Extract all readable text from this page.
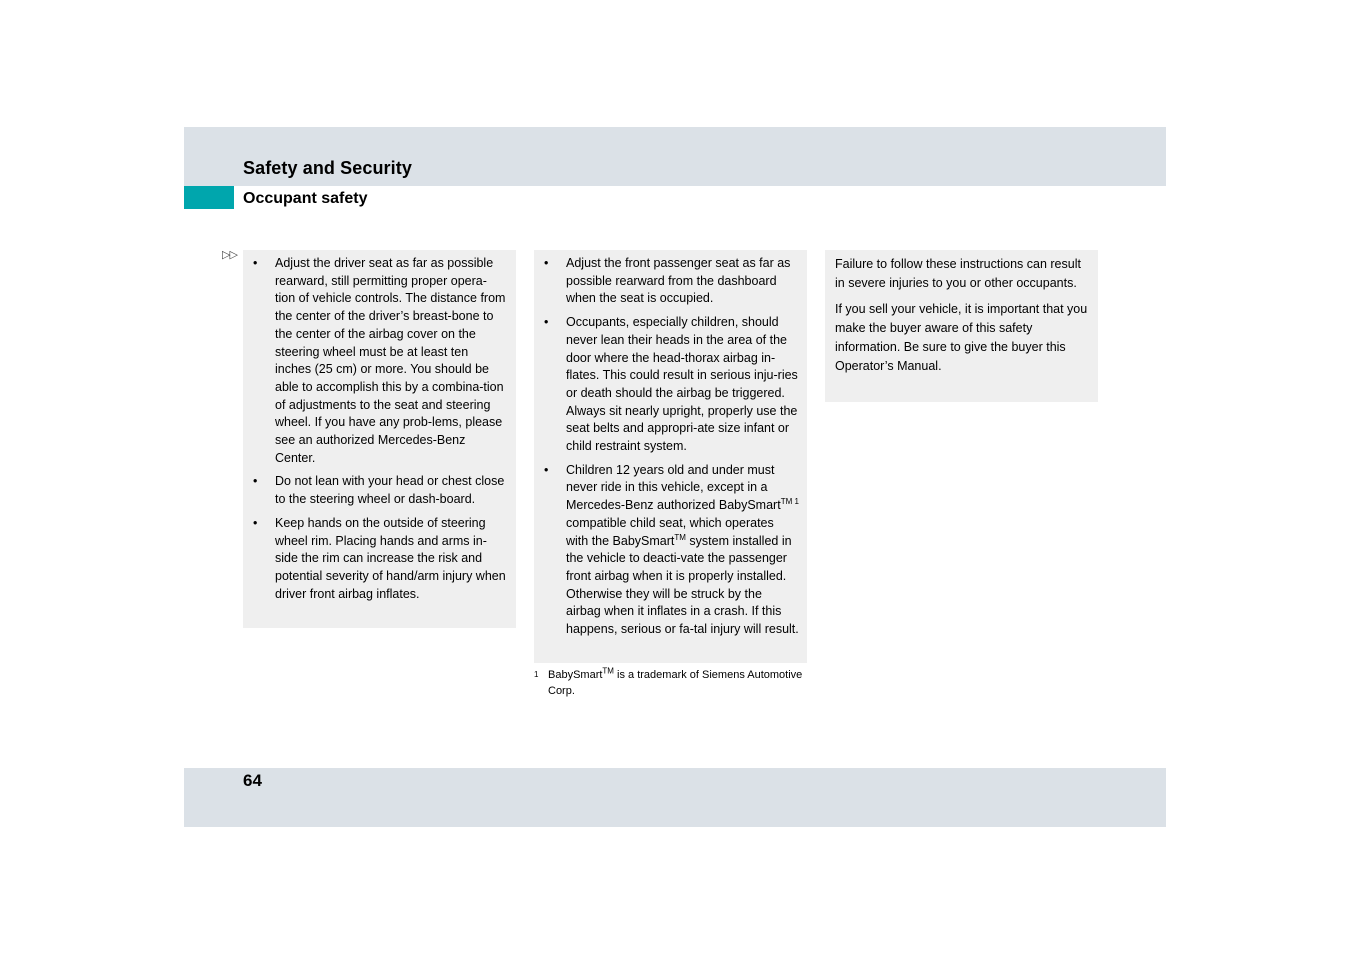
Safety and Security
Occupant safety
▷▷
• Adjust the driver seat as far as possible rearward, still permitting proper opera-tion of vehicle controls. The distance from the center of the driver’s breast-bone to the center of the airbag cover on the steering wheel must be at least ten inches (25 cm) or more. You should be able to accomplish this by a combina-tion of adjustments to the seat and steering wheel. If you have any prob-lems, please see an authorized Mercedes-Benz Center.
• Do not lean with your head or chest close to the steering wheel or dash-board.
• Keep hands on the outside of steering wheel rim. Placing hands and arms in-side the rim can increase the risk and potential severity of hand/arm injury when driver front airbag inflates.
• Adjust the front passenger seat as far as possible rearward from the dashboard when the seat is occupied.
• Occupants, especially children, should never lean their heads in the area of the door where the head-thorax airbag in-flates. This could result in serious inju-ries or death should the airbag be triggered. Always sit nearly upright, properly use the seat belts and appropri-ate size infant or child restraint system.
• Children 12 years old and under must never ride in this vehicle, except in a Mercedes-Benz authorized BabySmart$^{TM 1}$ compatible child seat, which operates with the BabySmart™ system installed in the vehicle to deacti-vate the passenger front airbag when it is properly installed. Otherwise they will be struck by the airbag when it inflates in a crash. If this happens, serious or fa-tal injury will result.
1 BabySmart™ is a trademark of Siemens Automotive Corp.

Failure to follow these instructions can result in severe injuries to you or other occupants.

If you sell your vehicle, it is important that you make the buyer aware of this safety information. Be sure to give the buyer this Operator’s Manual.

64
